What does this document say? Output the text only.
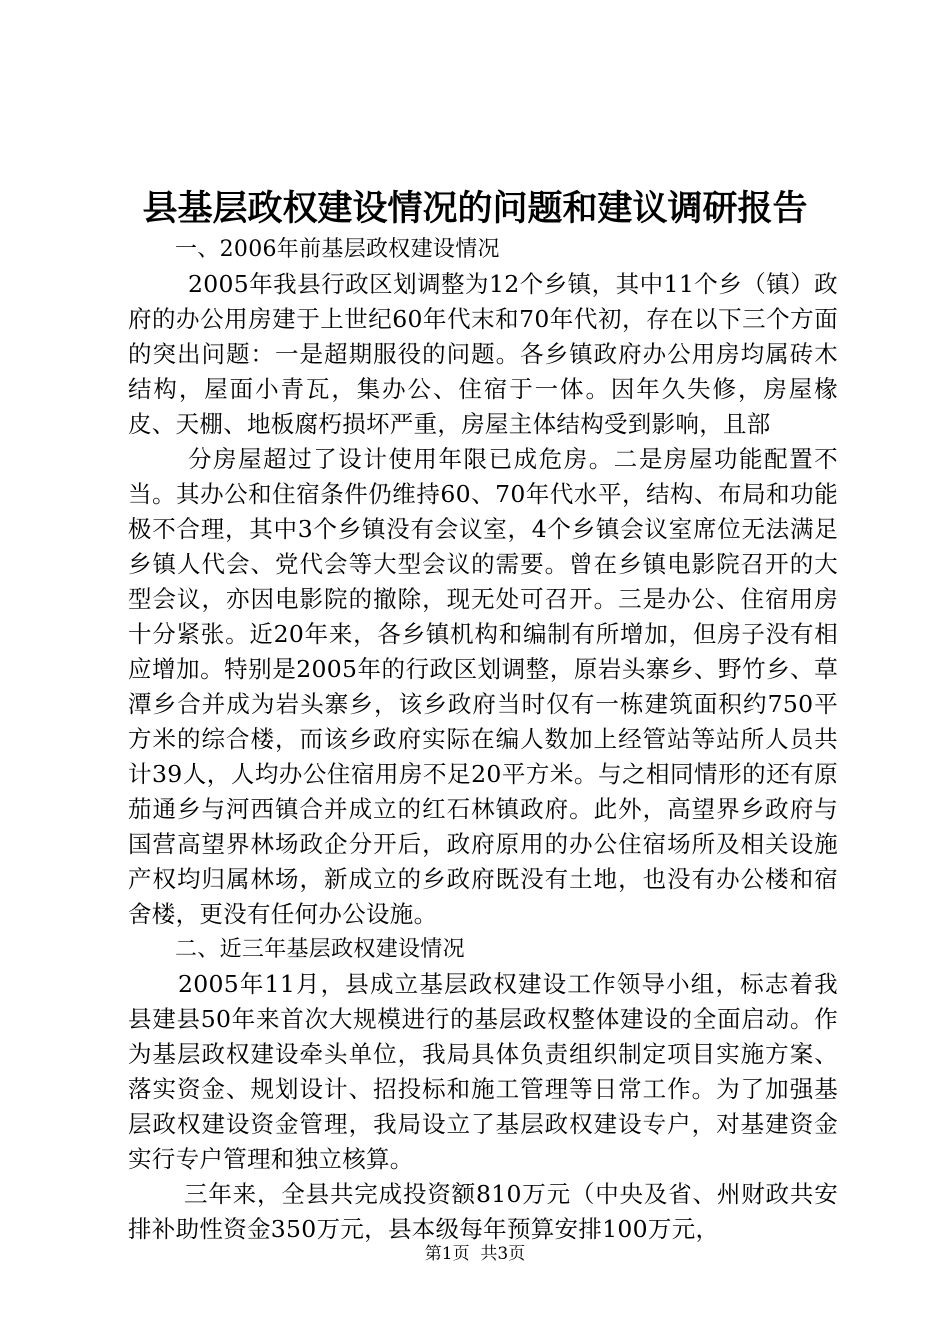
县基层政权建设情况的问题和建议调研报告

一、2006年前基层政权建设情况

2005年我县行政区划调整为12个乡镇，其中11个乡（镇）政府的办公用房建于上世纪60年代末和70年代初，存在以下三个方面的突出问题：一是超期服役的问题。各乡镇政府办公用房均属砖木结构，屋面小青瓦，集办公、住宿于一体。因年久失修，房屋椽皮、天棚、地板腐朽损坏严重，房屋主体结构受到影响，且部

分房屋超过了设计使用年限已成危房。二是房屋功能配置不当。其办公和住宿条件仍维持60、70年代水平，结构、布局和功能极不合理，其中3个乡镇没有会议室，4个乡镇会议室席位无法满足乡镇人代会、党代会等大型会议的需要。曾在乡镇电影院召开的大型会议，亦因电影院的撤除，现无处可召开。三是办公、住宿用房十分紧张。近20年来，各乡镇机构和编制有所增加，但房子没有相应增加。特别是2005年的行政区划调整，原岩头寨乡、野竹乡、草潭乡合并成为岩头寨乡，该乡政府当时仅有一栋建筑面积约750平方米的综合楼，而该乡政府实际在编人数加上经管站等站所人员共计39人，人均办公住宿用房不足20平方米。与之相同情形的还有原茄通乡与河西镇合并成立的红石林镇政府。此外，高望界乡政府与国营高望界林场政企分开后，政府原用的办公住宿场所及相关设施产权均归属林场，新成立的乡政府既没有土地，也没有办公楼和宿舍楼，更没有任何办公设施。

二、近三年基层政权建设情况

2005年11月，县成立基层政权建设工作领导小组，标志着我县建县50年来首次大规模进行的基层政权整体建设的全面启动。作为基层政权建设牵头单位，我局具体负责组织制定项目实施方案、落实资金、规划设计、招投标和施工管理等日常工作。为了加强基层政权建设资金管理，我局设立了基层政权建设专户，对基建资金实行专户管理和独立核算。

三年来，全县共完成投资额810万元（中央及省、州财政共安排补助性资金350万元，县本级每年预算安排100万元，

第1页  共3页
